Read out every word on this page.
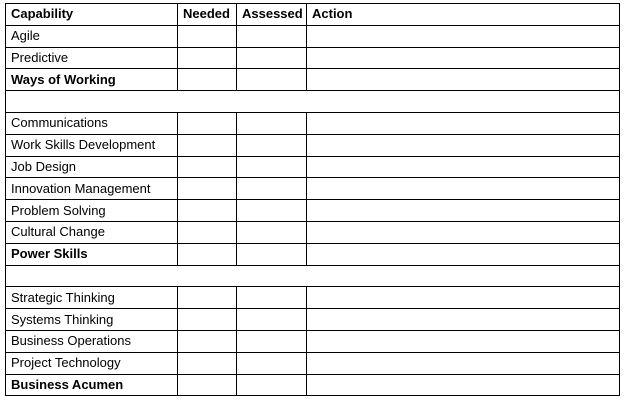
Capability	Needed	Assessed	Action
Agile			
Predictive			
Ways of Working			

Communications			
Work Skills Development			
Job Design			
Innovation Management			
Problem Solving			
Cultural Change			
Power Skills			

Strategic Thinking			
Systems Thinking			
Business Operations			
Project Technology			
Business Acumen			
